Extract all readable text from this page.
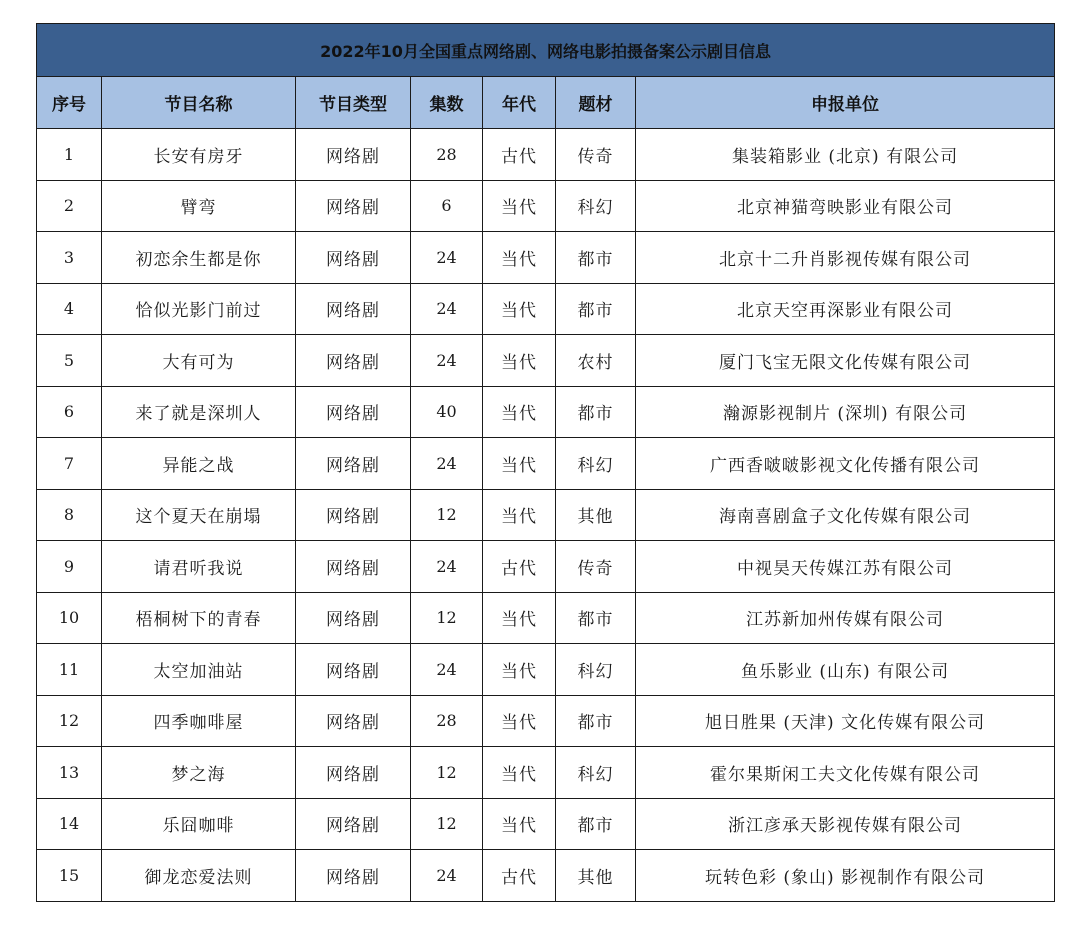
2022年10月全国重点网络剧、网络电影拍摄备案公示剧目信息						
序号	节目名称	节目类型	集数	年代	题材	申报单位
1	长安有房牙	网络剧	28	古代	传奇	集装箱影业 (北京) 有限公司
2	臂弯	网络剧	6	当代	科幻	北京神猫弯映影业有限公司
3	初恋余生都是你	网络剧	24	当代	都市	北京十二升肖影视传媒有限公司
4	恰似光影门前过	网络剧	24	当代	都市	北京天空再深影业有限公司
5	大有可为	网络剧	24	当代	农村	厦门飞宝无限文化传媒有限公司
6	来了就是深圳人	网络剧	40	当代	都市	瀚源影视制片 (深圳) 有限公司
7	异能之战	网络剧	24	当代	科幻	广西香啵啵影视文化传播有限公司
8	这个夏天在崩塌	网络剧	12	当代	其他	海南喜剧盒子文化传媒有限公司
9	请君听我说	网络剧	24	古代	传奇	中视昊天传媒江苏有限公司
10	梧桐树下的青春	网络剧	12	当代	都市	江苏新加州传媒有限公司
11	太空加油站	网络剧	24	当代	科幻	鱼乐影业 (山东) 有限公司
12	四季咖啡屋	网络剧	28	当代	都市	旭日胜果 (天津) 文化传媒有限公司
13	梦之海	网络剧	12	当代	科幻	霍尔果斯闲工夫文化传媒有限公司
14	乐囧咖啡	网络剧	12	当代	都市	浙江彦承天影视传媒有限公司
15	御龙恋爱法则	网络剧	24	古代	其他	玩转色彩 (象山) 影视制作有限公司
